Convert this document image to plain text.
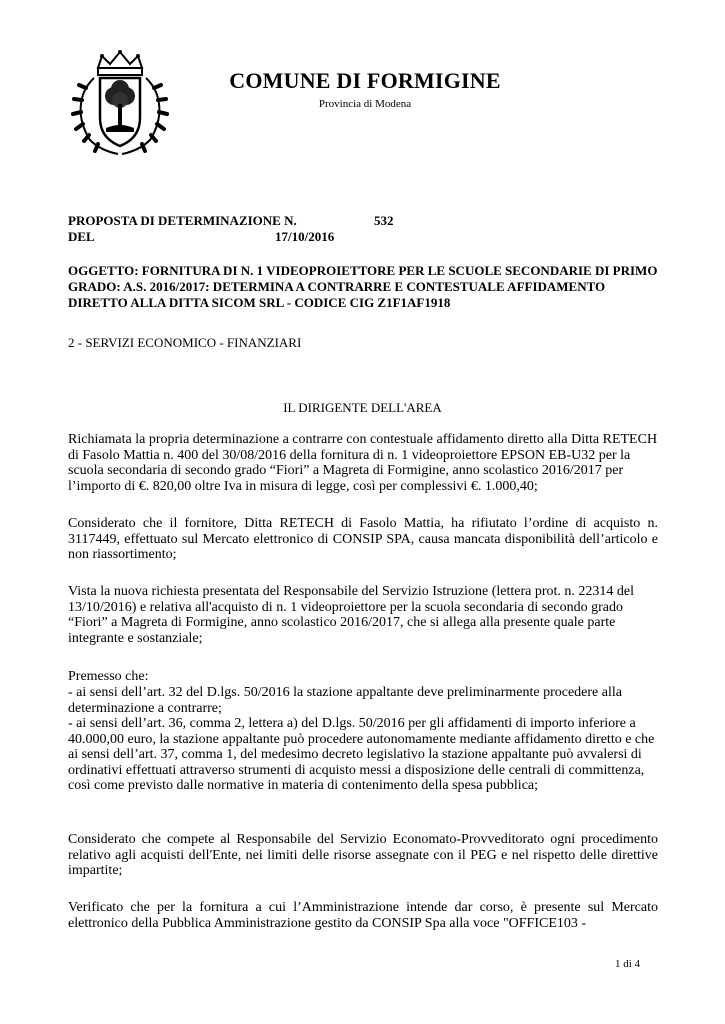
COMUNE DI FORMIGINE
Provincia di Modena
PROPOSTA DI DETERMINAZIONE N.	532
DEL	17/10/2016
OGGETTO: FORNITURA DI N. 1 VIDEOPROIETTORE PER LE SCUOLE SECONDARIE DI PRIMO GRADO: A.S. 2016/2017: DETERMINA A CONTRARRE E CONTESTUALE AFFIDAMENTO DIRETTO ALLA DITTA SICOM SRL - CODICE CIG Z1F1AF1918
2 - SERVIZI ECONOMICO - FINANZIARI
IL DIRIGENTE DELL'AREA

Richiamata la propria determinazione a contrarre con contestuale affidamento diretto alla Ditta RETECH di Fasolo Mattia n. 400 del 30/08/2016 della fornitura di n. 1 videoproiettore EPSON EB-U32 per la scuola secondaria di secondo grado “Fiori” a Magreta di Formigine, anno scolastico 2016/2017 per l’importo di €. 820,00 oltre Iva in misura di legge, così per complessivi €. 1.000,40;

Considerato che il fornitore, Ditta RETECH di Fasolo Mattia, ha rifiutato l’ordine di acquisto n. 3117449, effettuato sul Mercato elettronico di CONSIP SPA, causa mancata disponibilità dell’articolo e non riassortimento;

Vista la nuova richiesta presentata del Responsabile del Servizio Istruzione (lettera prot. n. 22314 del 13/10/2016) e relativa all'acquisto di n. 1 videoproiettore per la scuola secondaria di secondo grado “Fiori” a Magreta di Formigine, anno scolastico 2016/2017, che si allega alla presente quale parte integrante e sostanziale;

Premesso che:

- ai sensi dell’art. 32 del D.lgs. 50/2016 la stazione appaltante deve preliminarmente procedere alla determinazione a contrarre;

- ai sensi dell’art. 36, comma 2, lettera a) del D.lgs. 50/2016 per gli affidamenti di importo inferiore a 40.000,00 euro, la stazione appaltante può procedere autonomamente mediante affidamento diretto e che ai sensi dell’art. 37, comma 1, del medesimo decreto legislativo la stazione appaltante può avvalersi di ordinativi effettuati attraverso strumenti di acquisto messi a disposizione delle centrali di committenza, così come previsto dalle normative in materia di contenimento della spesa pubblica;

Considerato che compete al Responsabile del Servizio Economato-Provveditorato ogni procedimento relativo agli acquisti dell'Ente, nei limiti delle risorse assegnate con il PEG e nel rispetto delle direttive impartite;

Verificato che per la fornitura a cui l’Amministrazione intende dar corso, è presente sul Mercato elettronico della Pubblica Amministrazione gestito da CONSIP Spa alla voce "OFFICE103 -

1 di 4
